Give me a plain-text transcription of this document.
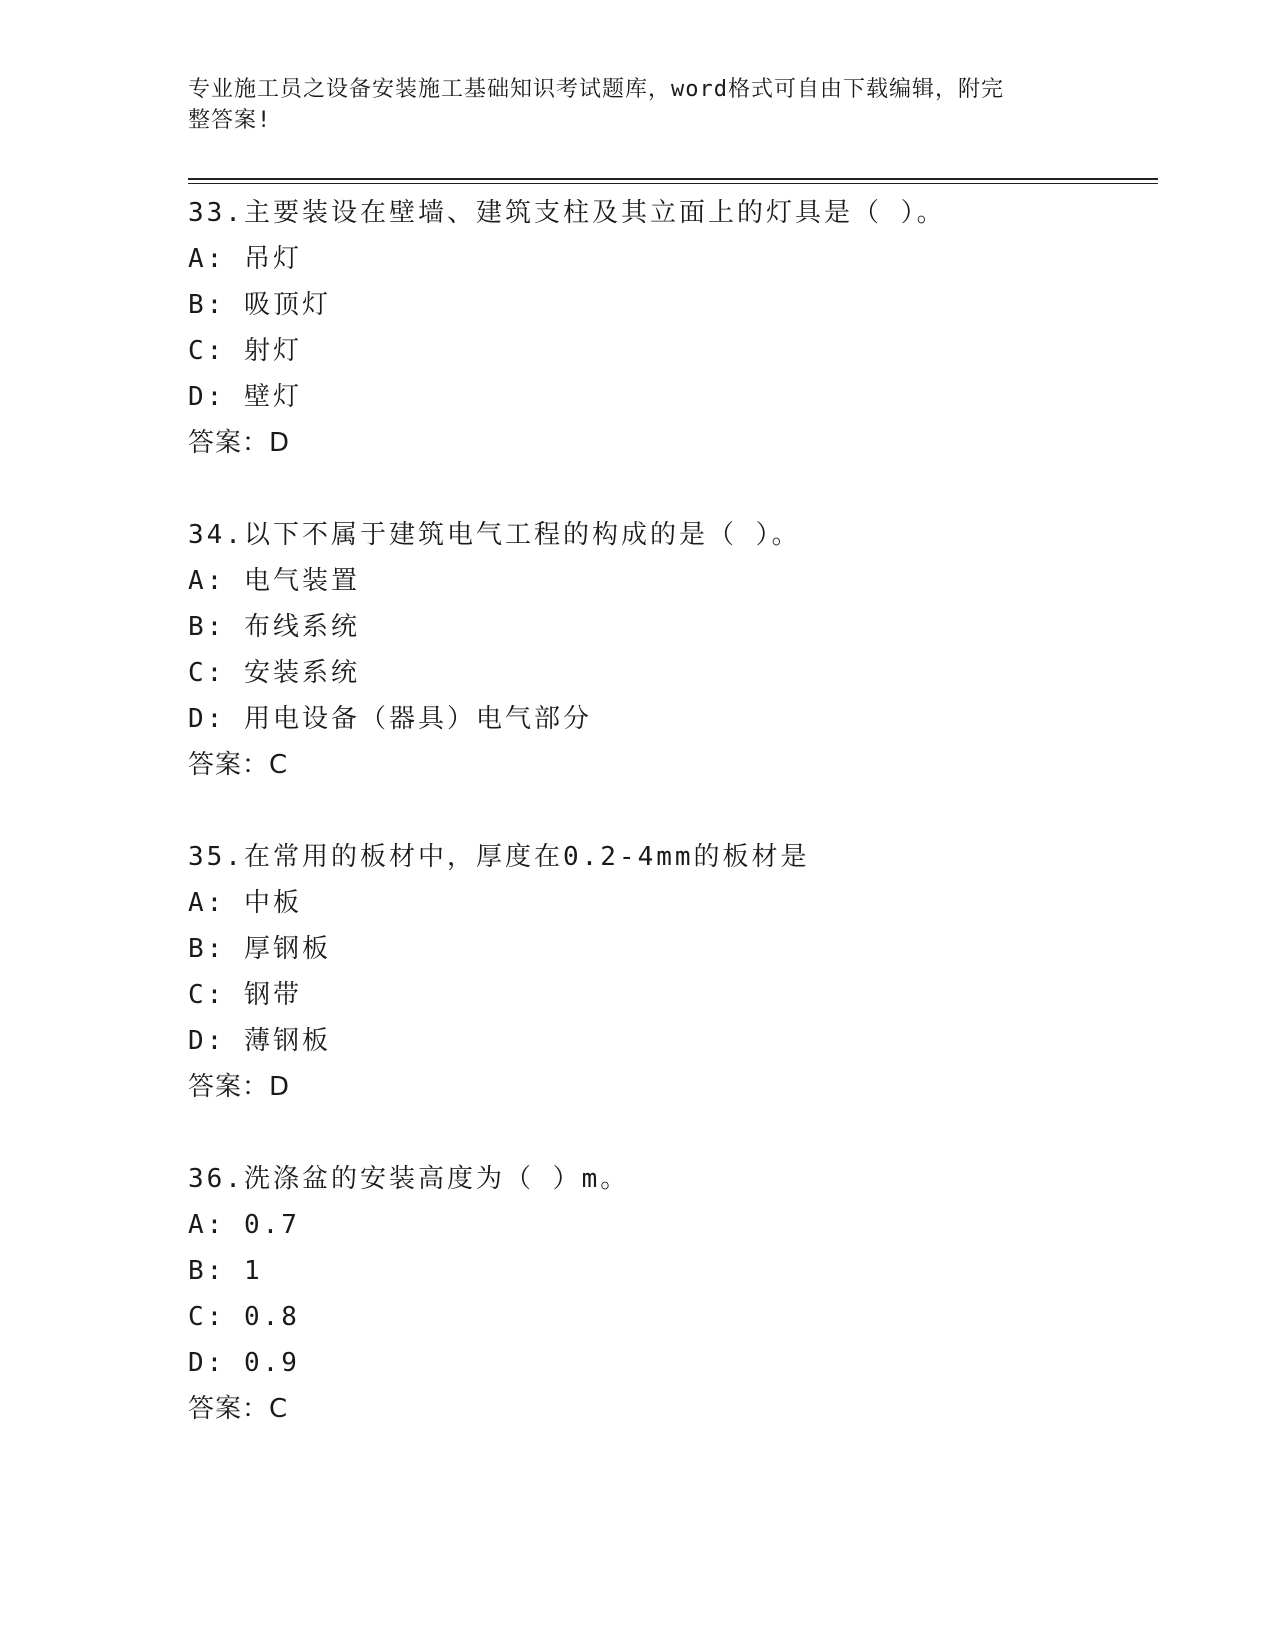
专业施工员之设备安装施工基础知识考试题库，word格式可自由下载编辑，附完
整答案!
33.主要装设在壁墙、建筑支柱及其立面上的灯具是（ ）。
A: 吊灯
B: 吸顶灯
C: 射灯
D: 壁灯
答案：D
34.以下不属于建筑电气工程的构成的是（ ）。
A: 电气装置
B: 布线系统
C: 安装系统
D: 用电设备（器具）电气部分
答案：C
35.在常用的板材中，厚度在0.2-4mm的板材是
A: 中板
B: 厚钢板
C: 钢带
D: 薄钢板
答案：D
36.洗涤盆的安装高度为（ ）m。
A: 0.7
B: 1
C: 0.8
D: 0.9
答案：C
